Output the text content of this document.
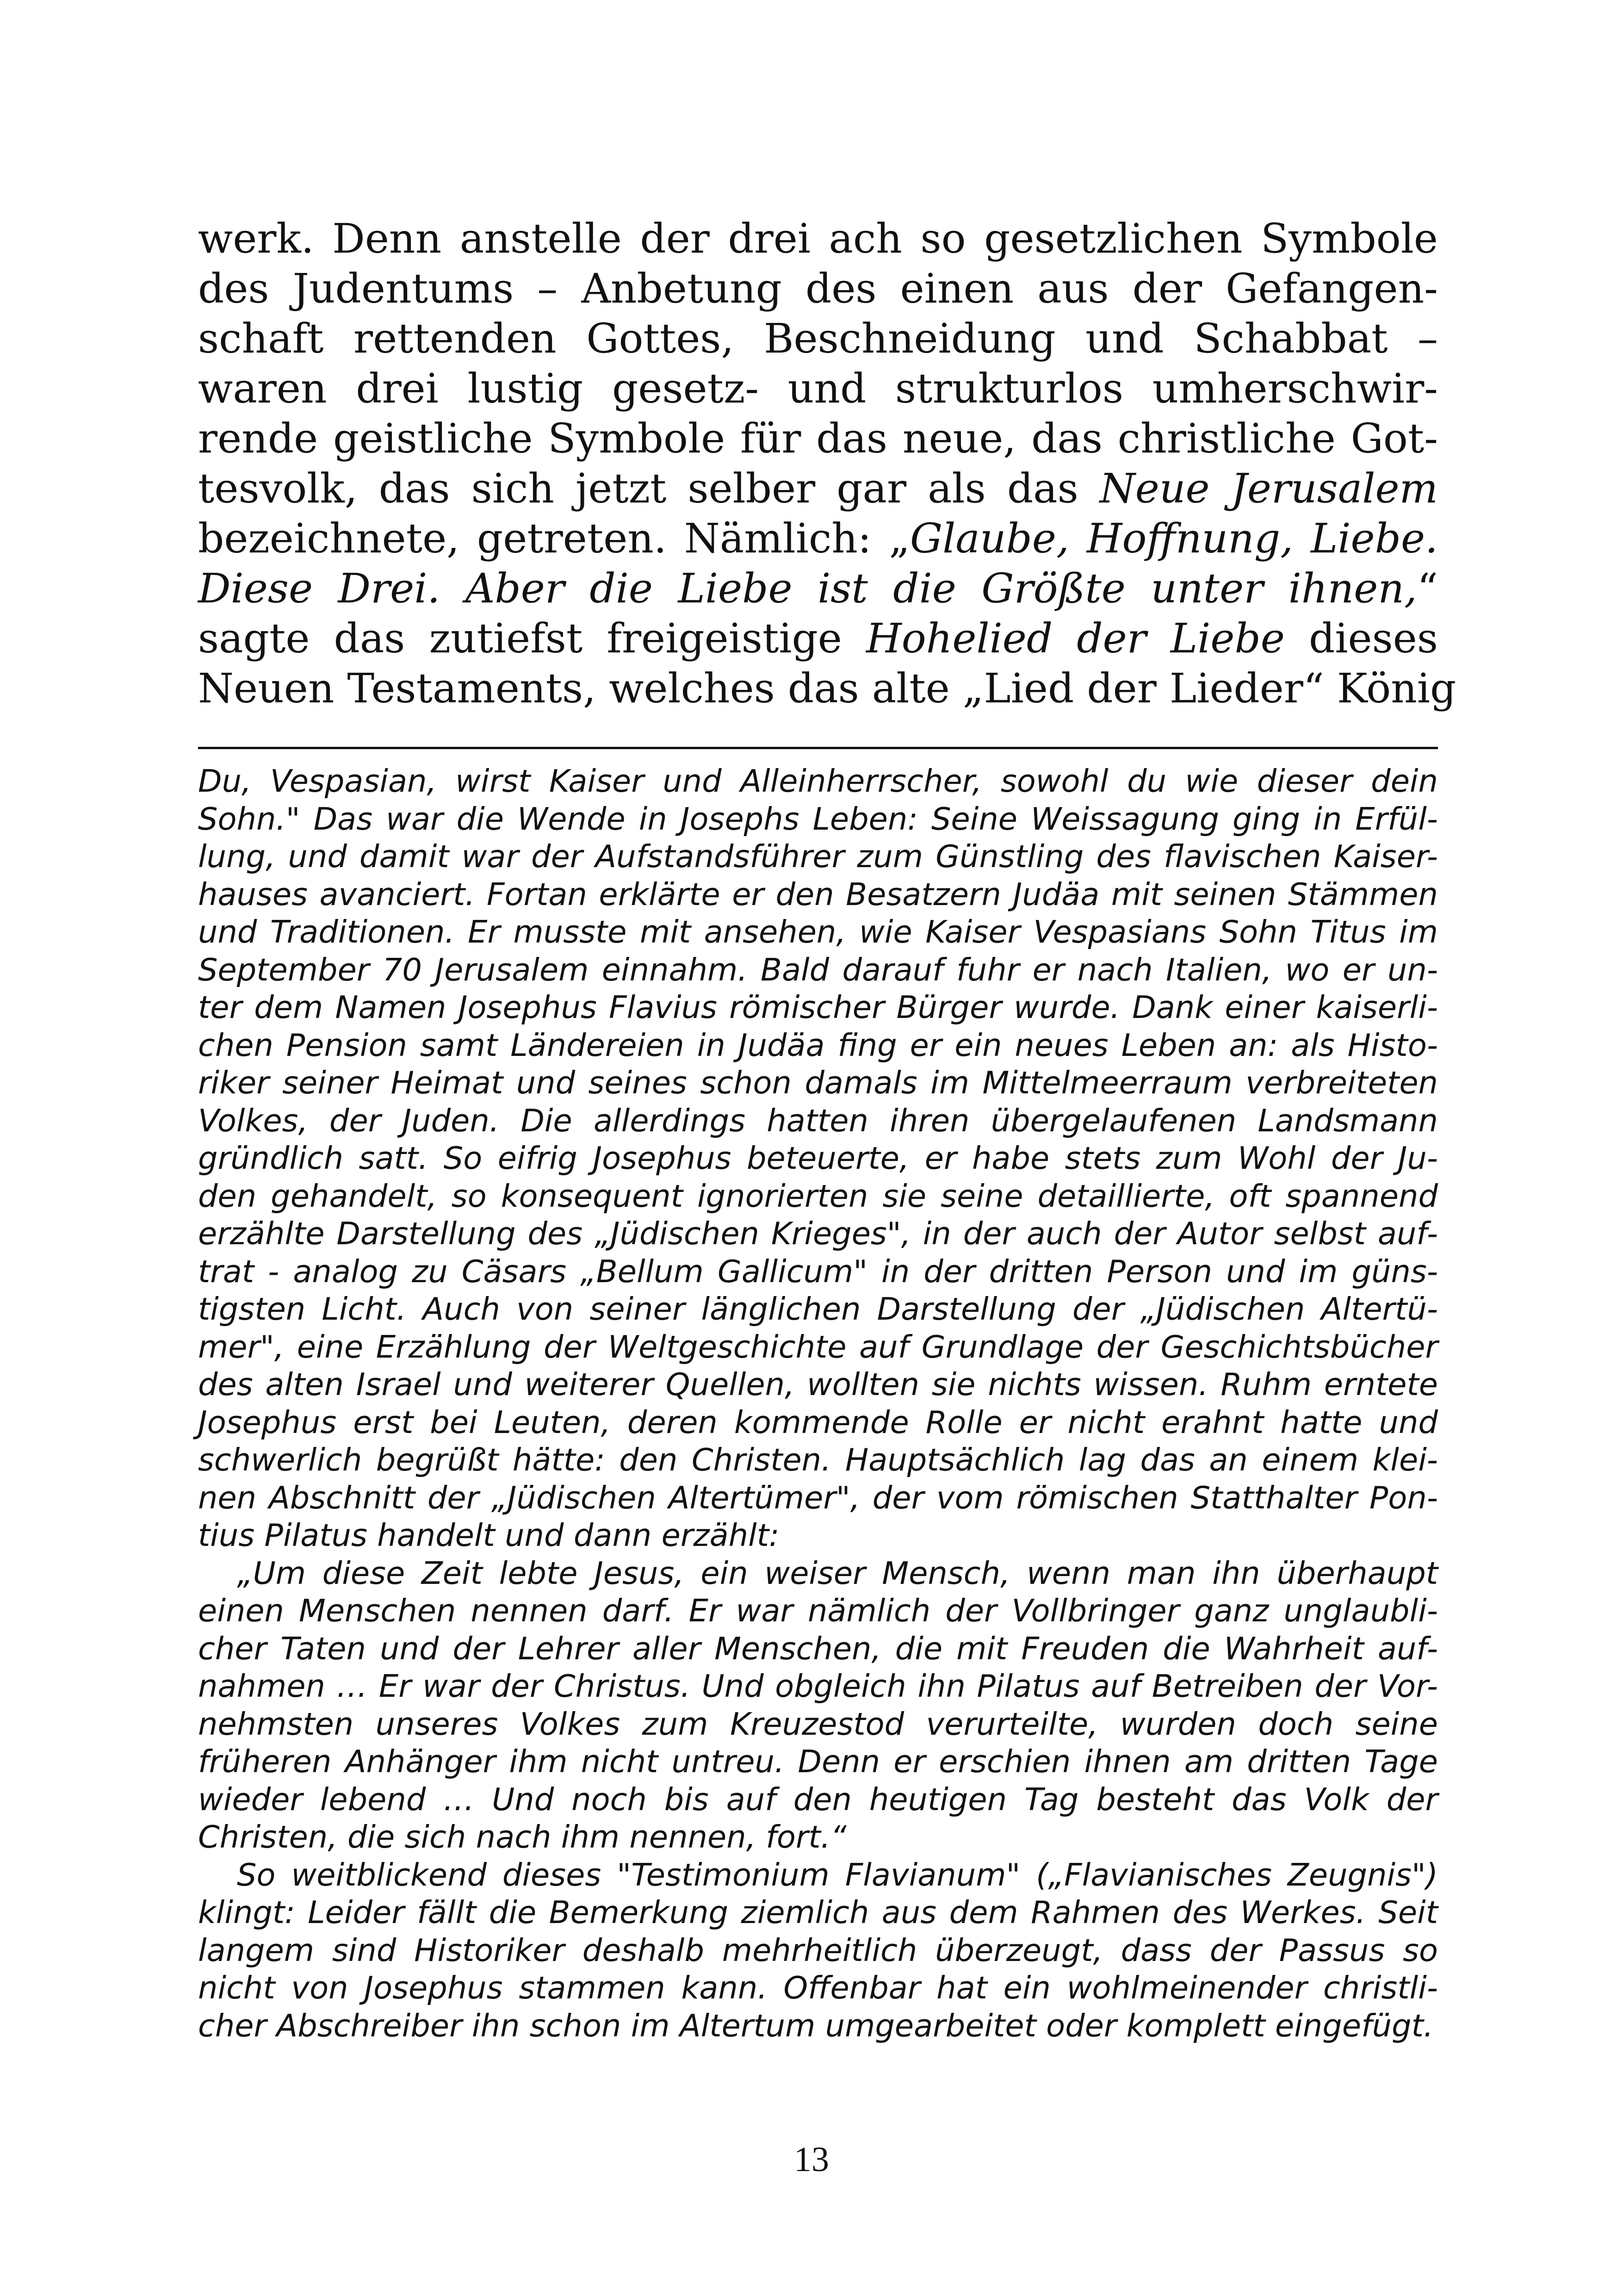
werk. Denn anstelle der drei ach so gesetzlichen Symbole
des Judentums – Anbetung des einen aus der Gefangen-
schaft rettenden Gottes, Beschneidung und Schabbat –
waren drei lustig gesetz- und strukturlos umherschwir-
rende geistliche Symbole für das neue, das christliche Got-
tesvolk, das sich jetzt selber gar als das Neue Jerusalem
bezeichnete, getreten. Nämlich: „Glaube, Hoffnung, Liebe.
Diese Drei. Aber die Liebe ist die Größte unter ihnen,“
sagte das zutiefst freigeistige Hohelied der Liebe dieses
Neuen Testaments, welches das alte „Lied der Lieder“ König
Du, Vespasian, wirst Kaiser und Alleinherrscher, sowohl du wie dieser dein
Sohn." Das war die Wende in Josephs Leben: Seine Weissagung ging in Erfül-
lung, und damit war der Aufstandsführer zum Günstling des flavischen Kaiser-
hauses avanciert. Fortan erklärte er den Besatzern Judäa mit seinen Stämmen
und Traditionen. Er musste mit ansehen, wie Kaiser Vespasians Sohn Titus im
September 70 Jerusalem einnahm. Bald darauf fuhr er nach Italien, wo er un-
ter dem Namen Josephus Flavius römischer Bürger wurde. Dank einer kaiserli-
chen Pension samt Ländereien in Judäa fing er ein neues Leben an: als Histo-
riker seiner Heimat und seines schon damals im Mittelmeerraum verbreiteten
Volkes, der Juden. Die allerdings hatten ihren übergelaufenen Landsmann
gründlich satt. So eifrig Josephus beteuerte, er habe stets zum Wohl der Ju-
den gehandelt, so konsequent ignorierten sie seine detaillierte, oft spannend
erzählte Darstellung des „Jüdischen Krieges", in der auch der Autor selbst auf-
trat - analog zu Cäsars „Bellum Gallicum" in der dritten Person und im güns-
tigsten Licht. Auch von seiner länglichen Darstellung der „Jüdischen Altertü-
mer", eine Erzählung der Weltgeschichte auf Grundlage der Geschichtsbücher
des alten Israel und weiterer Quellen, wollten sie nichts wissen. Ruhm erntete
Josephus erst bei Leuten, deren kommende Rolle er nicht erahnt hatte und
schwerlich begrüßt hätte: den Christen. Hauptsächlich lag das an einem klei-
nen Abschnitt der „Jüdischen Altertümer", der vom römischen Statthalter Pon-
tius Pilatus handelt und dann erzählt:
„Um diese Zeit lebte Jesus, ein weiser Mensch, wenn man ihn überhaupt
einen Menschen nennen darf. Er war nämlich der Vollbringer ganz unglaubli-
cher Taten und der Lehrer aller Menschen, die mit Freuden die Wahrheit auf-
nahmen … Er war der Christus. Und obgleich ihn Pilatus auf Betreiben der Vor-
nehmsten unseres Volkes zum Kreuzestod verurteilte, wurden doch seine
früheren Anhänger ihm nicht untreu. Denn er erschien ihnen am dritten Tage
wieder lebend … Und noch bis auf den heutigen Tag besteht das Volk der
Christen, die sich nach ihm nennen, fort.“
So weitblickend dieses "Testimonium Flavianum" („Flavianisches Zeugnis")
klingt: Leider fällt die Bemerkung ziemlich aus dem Rahmen des Werkes. Seit
langem sind Historiker deshalb mehrheitlich überzeugt, dass der Passus so
nicht von Josephus stammen kann. Offenbar hat ein wohlmeinender christli-
cher Abschreiber ihn schon im Altertum umgearbeitet oder komplett eingefügt.
13
